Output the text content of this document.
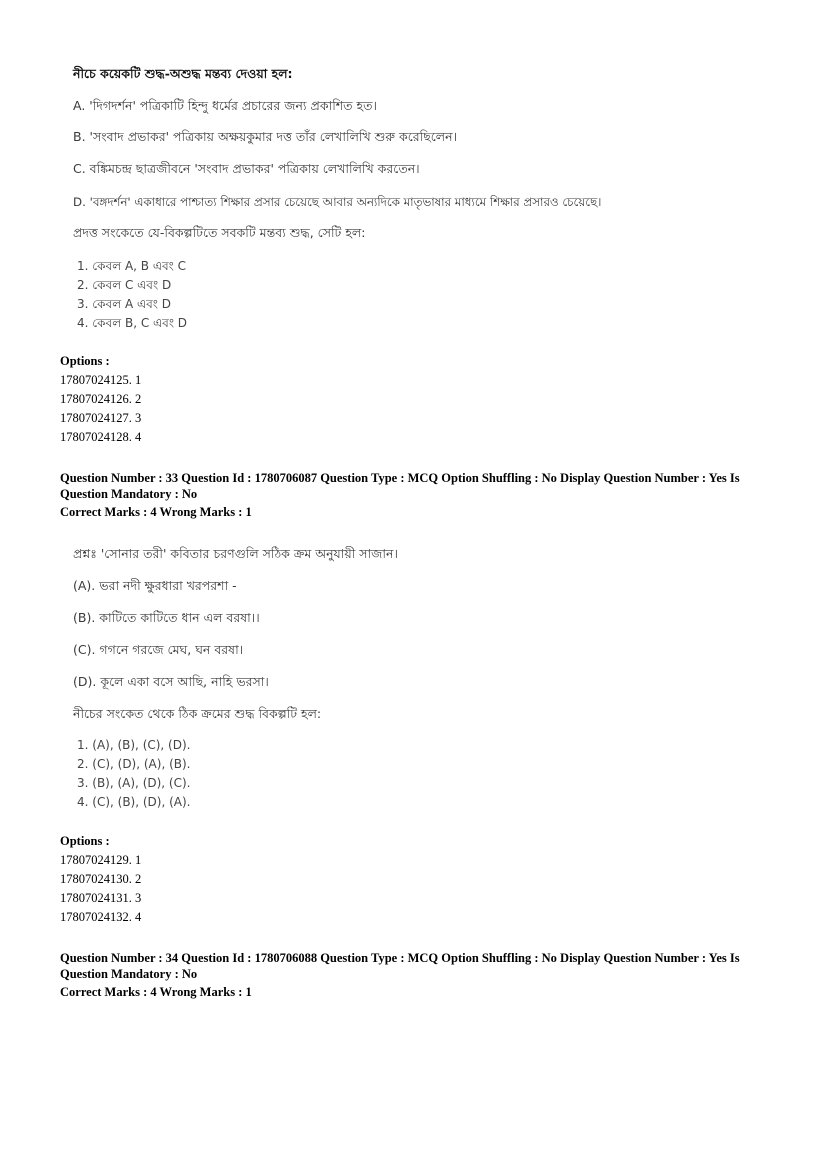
নীচে কয়েকটি শুদ্ধ-অশুদ্ধ মন্তব্য দেওয়া হল:
A. 'দিগদর্শন' পত্রিকাটি হিন্দু ধর্মের প্রচারের জন্য প্রকাশিত হত।
B. 'সংবাদ প্রভাকর' পত্রিকায় অক্ষয়কুমার দত্ত তাঁর লেখালিখি শুরু করেছিলেন।
C. বঙ্কিমচন্দ্র ছাত্রজীবনে 'সংবাদ প্রভাকর' পত্রিকায় লেখালিখি করতেন।
D. 'বঙ্গদর্শন' একাধারে পাশ্চাত্য শিক্ষার প্রসার চেয়েছে আবার অন্যদিকে মাতৃভাষার মাধ্যমে শিক্ষার প্রসারও চেয়েছে।
প্রদত্ত সংকেতে যে-বিকল্পটিতে সবকটি মন্তব্য শুদ্ধ, সেটি হল:
1. কেবল A, B এবং C
2. কেবল C এবং D
3. কেবল A এবং D
4. কেবল B, C এবং D
Options :
17807024125. 1
17807024126. 2
17807024127. 3
17807024128. 4
Question Number : 33 Question Id : 1780706087 Question Type : MCQ Option Shuffling : No Display Question Number : Yes Is
Question Mandatory : No
Correct Marks : 4 Wrong Marks : 1
প্রশ্নঃ 'সোনার তরী' কবিতার চরণগুলি সঠিক ক্রম অনুযায়ী সাজান।
(A). ভরা নদী ক্ষুরধারা খরপরশা -
(B). কাটিতে কাটিতে ধান এল বরষা।।
(C). গগনে গরজে মেঘ, ঘন বরষা।
(D). কূলে একা বসে আছি, নাহি ভরসা।
নীচের সংকেত থেকে ঠিক ক্রমের শুদ্ধ বিকল্পটি হল:
1. (A), (B), (C), (D).
2. (C), (D), (A), (B).
3. (B), (A), (D), (C).
4. (C), (B), (D), (A).
Options :
17807024129. 1
17807024130. 2
17807024131. 3
17807024132. 4
Question Number : 34 Question Id : 1780706088 Question Type : MCQ Option Shuffling : No Display Question Number : Yes Is
Question Mandatory : No
Correct Marks : 4 Wrong Marks : 1
